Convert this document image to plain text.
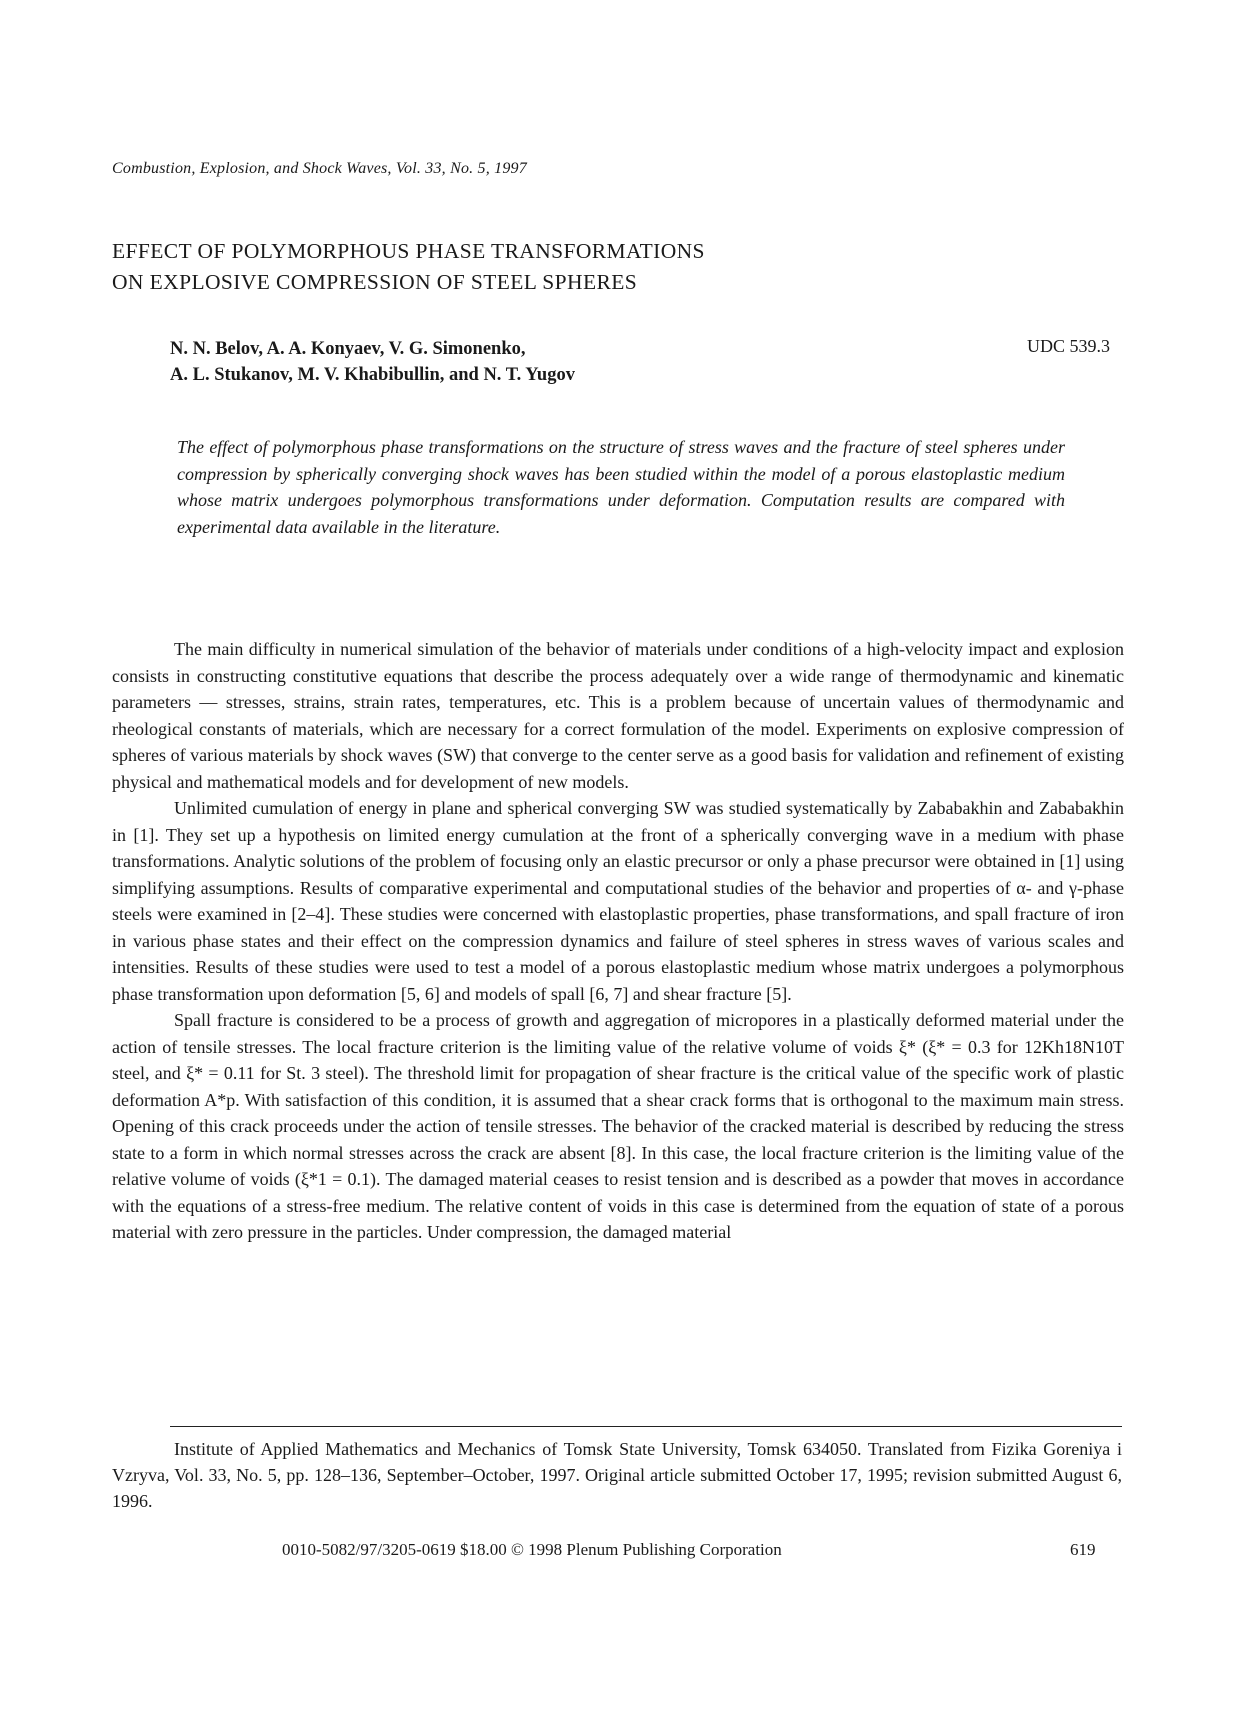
Combustion, Explosion, and Shock Waves, Vol. 33, No. 5, 1997
EFFECT OF POLYMORPHOUS PHASE TRANSFORMATIONS
ON EXPLOSIVE COMPRESSION OF STEEL SPHERES
N. N. Belov, A. A. Konyaev, V. G. Simonenko,
A. L. Stukanov, M. V. Khabibullin, and N. T. Yugov
UDC 539.3
The effect of polymorphous phase transformations on the structure of stress waves and the fracture of steel spheres under compression by spherically converging shock waves has been studied within the model of a porous elastoplastic medium whose matrix undergoes polymorphous transformations under deformation. Computation results are compared with experimental data available in the literature.

The main difficulty in numerical simulation of the behavior of materials under conditions of a high-velocity impact and explosion consists in constructing constitutive equations that describe the process adequately over a wide range of thermodynamic and kinematic parameters — stresses, strains, strain rates, temperatures, etc. This is a problem because of uncertain values of thermodynamic and rheological constants of materials, which are necessary for a correct formulation of the model. Experiments on explosive compression of spheres of various materials by shock waves (SW) that converge to the center serve as a good basis for validation and refinement of existing physical and mathematical models and for development of new models.

Unlimited cumulation of energy in plane and spherical converging SW was studied systematically by Zababakhin and Zababakhin in [1]. They set up a hypothesis on limited energy cumulation at the front of a spherically converging wave in a medium with phase transformations. Analytic solutions of the problem of focusing only an elastic precursor or only a phase precursor were obtained in [1] using simplifying assumptions. Results of comparative experimental and computational studies of the behavior and properties of α- and γ-phase steels were examined in [2–4]. These studies were concerned with elastoplastic properties, phase transformations, and spall fracture of iron in various phase states and their effect on the compression dynamics and failure of steel spheres in stress waves of various scales and intensities. Results of these studies were used to test a model of a porous elastoplastic medium whose matrix undergoes a polymorphous phase transformation upon deformation [5, 6] and models of spall [6, 7] and shear fracture [5].

Spall fracture is considered to be a process of growth and aggregation of micropores in a plastically deformed material under the action of tensile stresses. The local fracture criterion is the limiting value of the relative volume of voids ξ* (ξ* = 0.3 for 12Kh18N10T steel, and ξ* = 0.11 for St. 3 steel). The threshold limit for propagation of shear fracture is the critical value of the specific work of plastic deformation A*p. With satisfaction of this condition, it is assumed that a shear crack forms that is orthogonal to the maximum main stress. Opening of this crack proceeds under the action of tensile stresses. The behavior of the cracked material is described by reducing the stress state to a form in which normal stresses across the crack are absent [8]. In this case, the local fracture criterion is the limiting value of the relative volume of voids (ξ*1 = 0.1). The damaged material ceases to resist tension and is described as a powder that moves in accordance with the equations of a stress-free medium. The relative content of voids in this case is determined from the equation of state of a porous material with zero pressure in the particles. Under compression, the damaged material

Institute of Applied Mathematics and Mechanics of Tomsk State University, Tomsk 634050. Translated from Fizika Goreniya i Vzryva, Vol. 33, No. 5, pp. 128–136, September–October, 1997. Original article submitted October 17, 1995; revision submitted August 6, 1996.

0010-5082/97/3205-0619 $18.00 © 1998 Plenum Publishing Corporation	619
